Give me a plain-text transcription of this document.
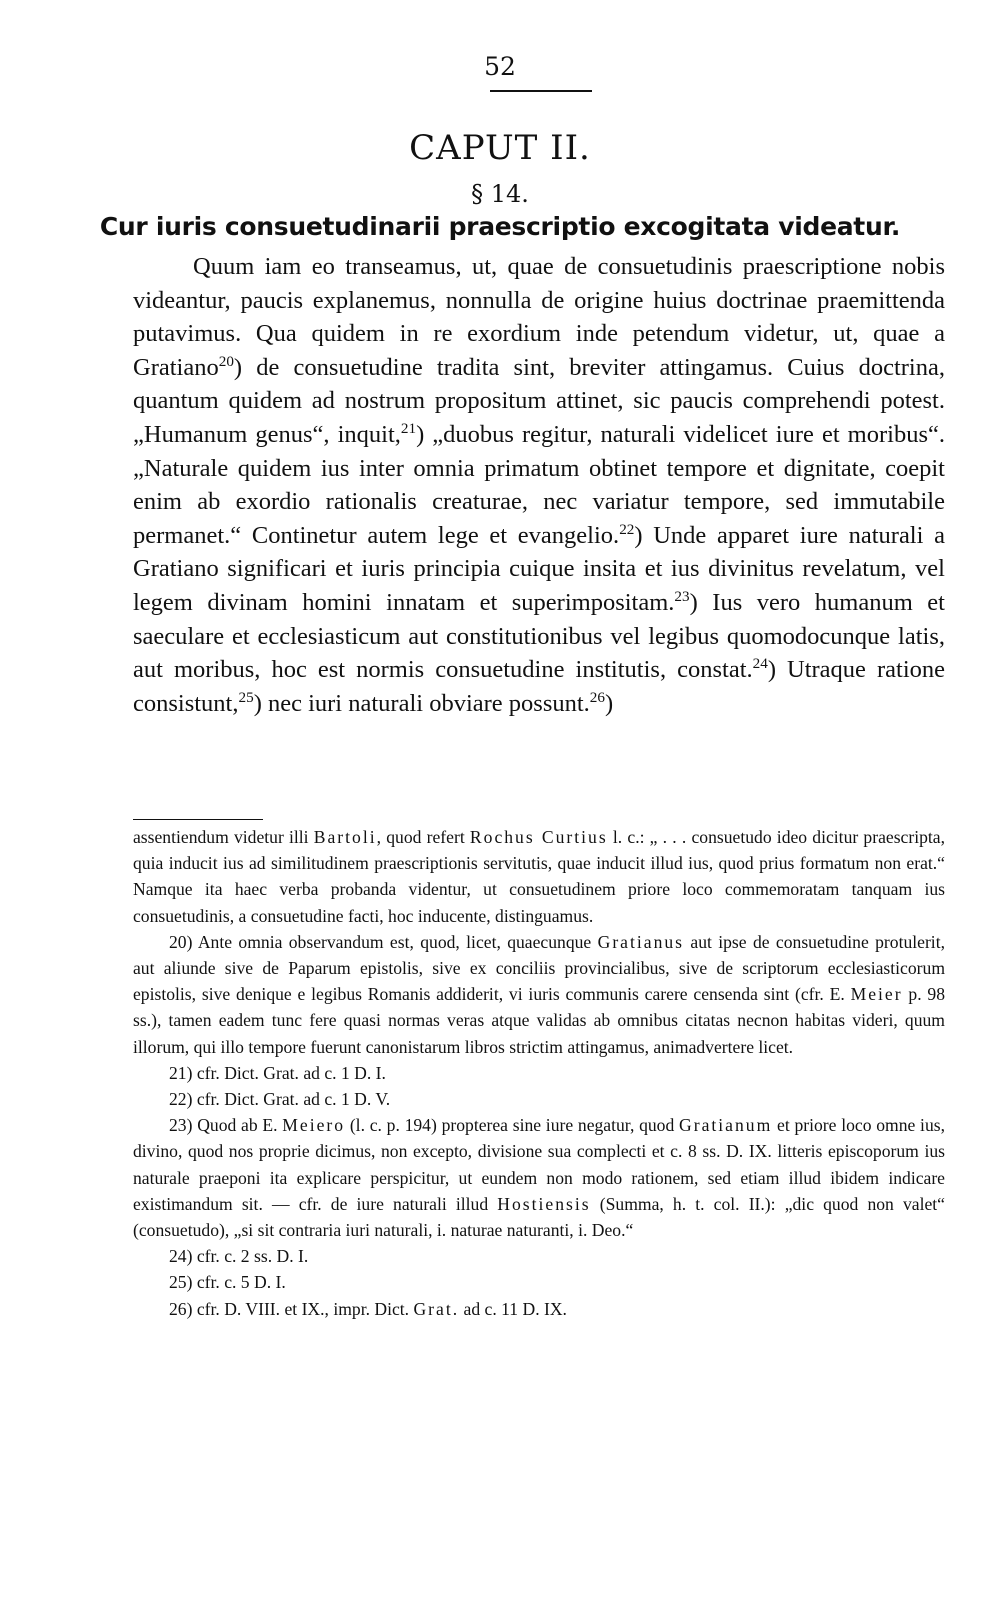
52
CAPUT II.
§ 14.
Cur iuris consuetudinarii praescriptio excogitata videatur.

Quum iam eo transeamus, ut, quae de consuetudinis praescriptione nobis videantur, paucis explanemus, nonnulla de origine huius doctrinae praemittenda putavimus. Qua quidem in re exordium inde petendum videtur, ut, quae a Gratiano$^{20}$) de consuetudine tradita sint, breviter attingamus. Cuius doctrina, quantum quidem ad nostrum propositum attinet, sic paucis comprehendi potest. „Humanum genus“, inquit,$^{21}$) „duobus regitur, naturali videlicet iure et moribus“. „Naturale quidem ius inter omnia primatum obtinet tempore et dignitate, coepit enim ab exordio rationalis creaturae, nec variatur tempore, sed immutabile permanet.“ Continetur autem lege et evangelio.$^{22}$) Unde apparet iure naturali a Gratiano significari et iuris principia cuique insita et ius divinitus revelatum, vel legem divinam homini innatam et superimpositam.$^{23}$) Ius vero humanum et saeculare et ecclesiasticum aut constitutionibus vel legibus quomodocunque latis, aut moribus, hoc est normis consuetudine institutis, constat.$^{24}$) Utraque ratione consistunt,$^{25}$) nec iuri naturali obviare possunt.$^{26}$)

assentiendum videtur illi Bartoli, quod refert Rochus Curtius l. c.: „ . . . consuetudo ideo dicitur praescripta, quia inducit ius ad similitudinem praescriptionis servitutis, quae inducit illud ius, quod prius formatum non erat.“ Namque ita haec verba probanda videntur, ut consuetudinem priore loco commemoratam tanquam ius consuetudinis, a consuetudine facti, hoc inducente, distinguamus.

20) Ante omnia observandum est, quod, licet, quaecunque Gratianus aut ipse de consuetudine protulerit, aut aliunde sive de Paparum epistolis, sive ex conciliis provincialibus, sive de scriptorum ecclesiasticorum epistolis, sive denique e legibus Romanis addiderit, vi iuris communis carere censenda sint (cfr. E. Meier p. 98 ss.), tamen eadem tunc fere quasi normas veras atque validas ab omnibus citatas necnon habitas videri, quum illorum, qui illo tempore fuerunt canonistarum libros strictim attingamus, animadvertere licet.

21) cfr. Dict. Grat. ad c. 1 D. I.

22) cfr. Dict. Grat. ad c. 1 D. V.

23) Quod ab E. Meiero (l. c. p. 194) propterea sine iure negatur, quod Gratianum et priore loco omne ius, divino, quod nos proprie dicimus, non excepto, divisione sua complecti et c. 8 ss. D. IX. litteris episcoporum ius naturale praeponi ita explicare perspicitur, ut eundem non modo rationem, sed etiam illud ibidem indicare existimandum sit. — cfr. de iure naturali illud Hostiensis (Summa, h. t. col. II.): „dic quod non valet“ (consuetudo), „si sit contraria iuri naturali, i. naturae naturanti, i. Deo.“

24) cfr. c. 2 ss. D. I.

25) cfr. c. 5 D. I.

26) cfr. D. VIII. et IX., impr. Dict. Grat. ad c. 11 D. IX.
